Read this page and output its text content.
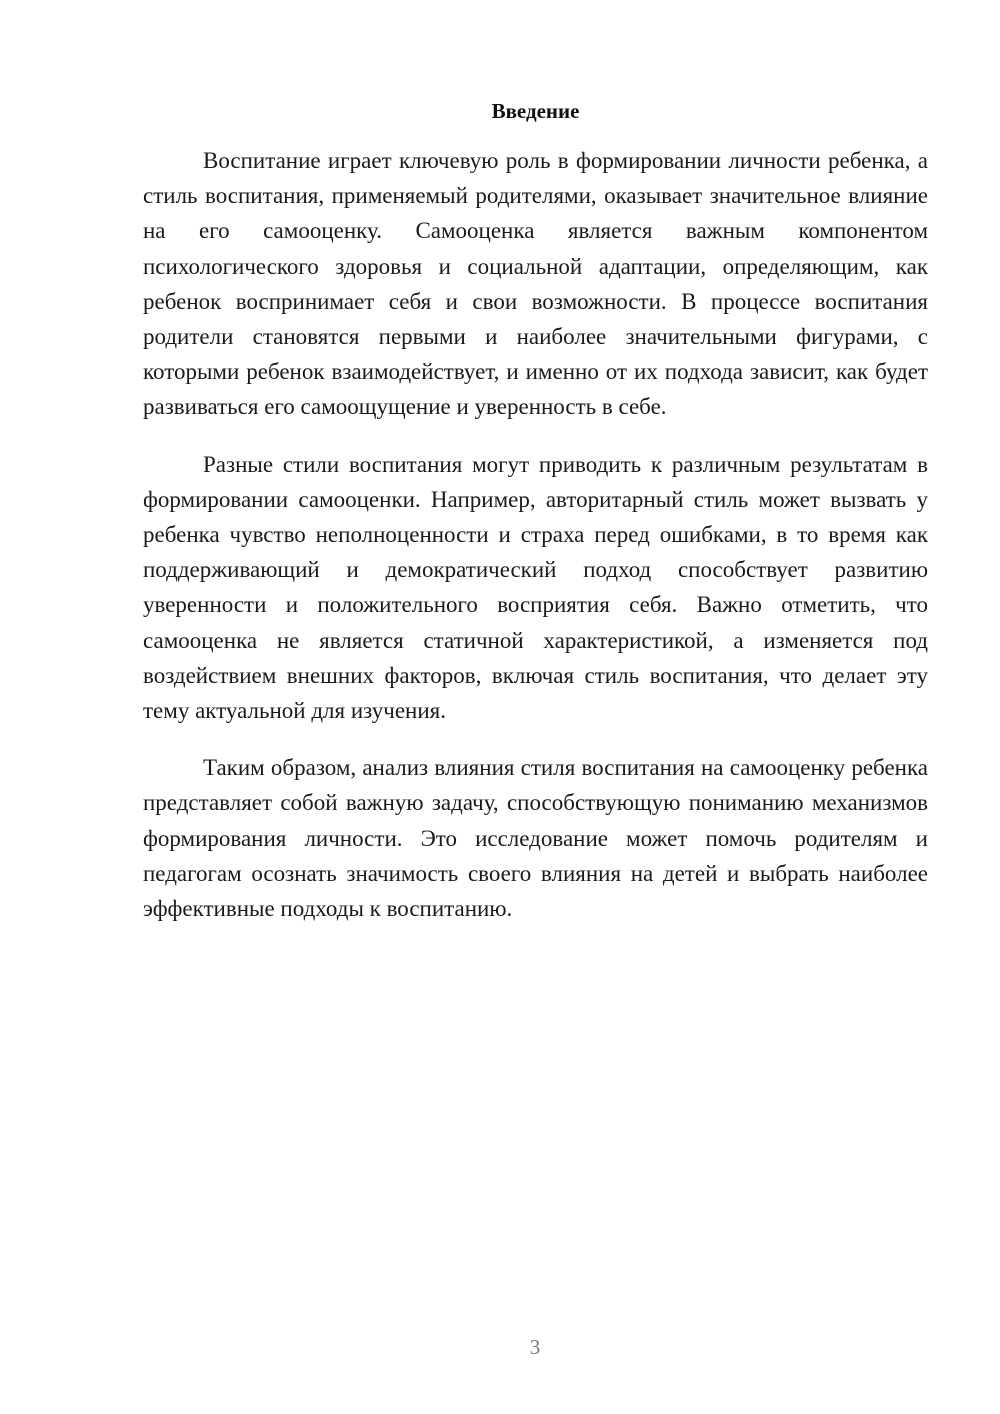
Введение

Воспитание играет ключевую роль в формировании личности ребенка, а стиль воспитания, применяемый родителями, оказывает значительное влияние на его самооценку. Самооценка является важным компонентом психологического здоровья и социальной адаптации, определяющим, как ребенок воспринимает себя и свои возможности. В процессе воспитания родители становятся первыми и наиболее значительными фигурами, с которыми ребенок взаимодействует, и именно от их подхода зависит, как будет развиваться его самоощущение и уверенность в себе.

Разные стили воспитания могут приводить к различным результатам в формировании самооценки. Например, авторитарный стиль может вызвать у ребенка чувство неполноценности и страха перед ошибками, в то время как поддерживающий и демократический подход способствует развитию уверенности и положительного восприятия себя. Важно отметить, что самооценка не является статичной характеристикой, а изменяется под воздействием внешних факторов, включая стиль воспитания, что делает эту тему актуальной для изучения.

Таким образом, анализ влияния стиля воспитания на самооценку ребенка представляет собой важную задачу, способствующую пониманию механизмов формирования личности. Это исследование может помочь родителям и педагогам осознать значимость своего влияния на детей и выбрать наиболее эффективные подходы к воспитанию.

3
